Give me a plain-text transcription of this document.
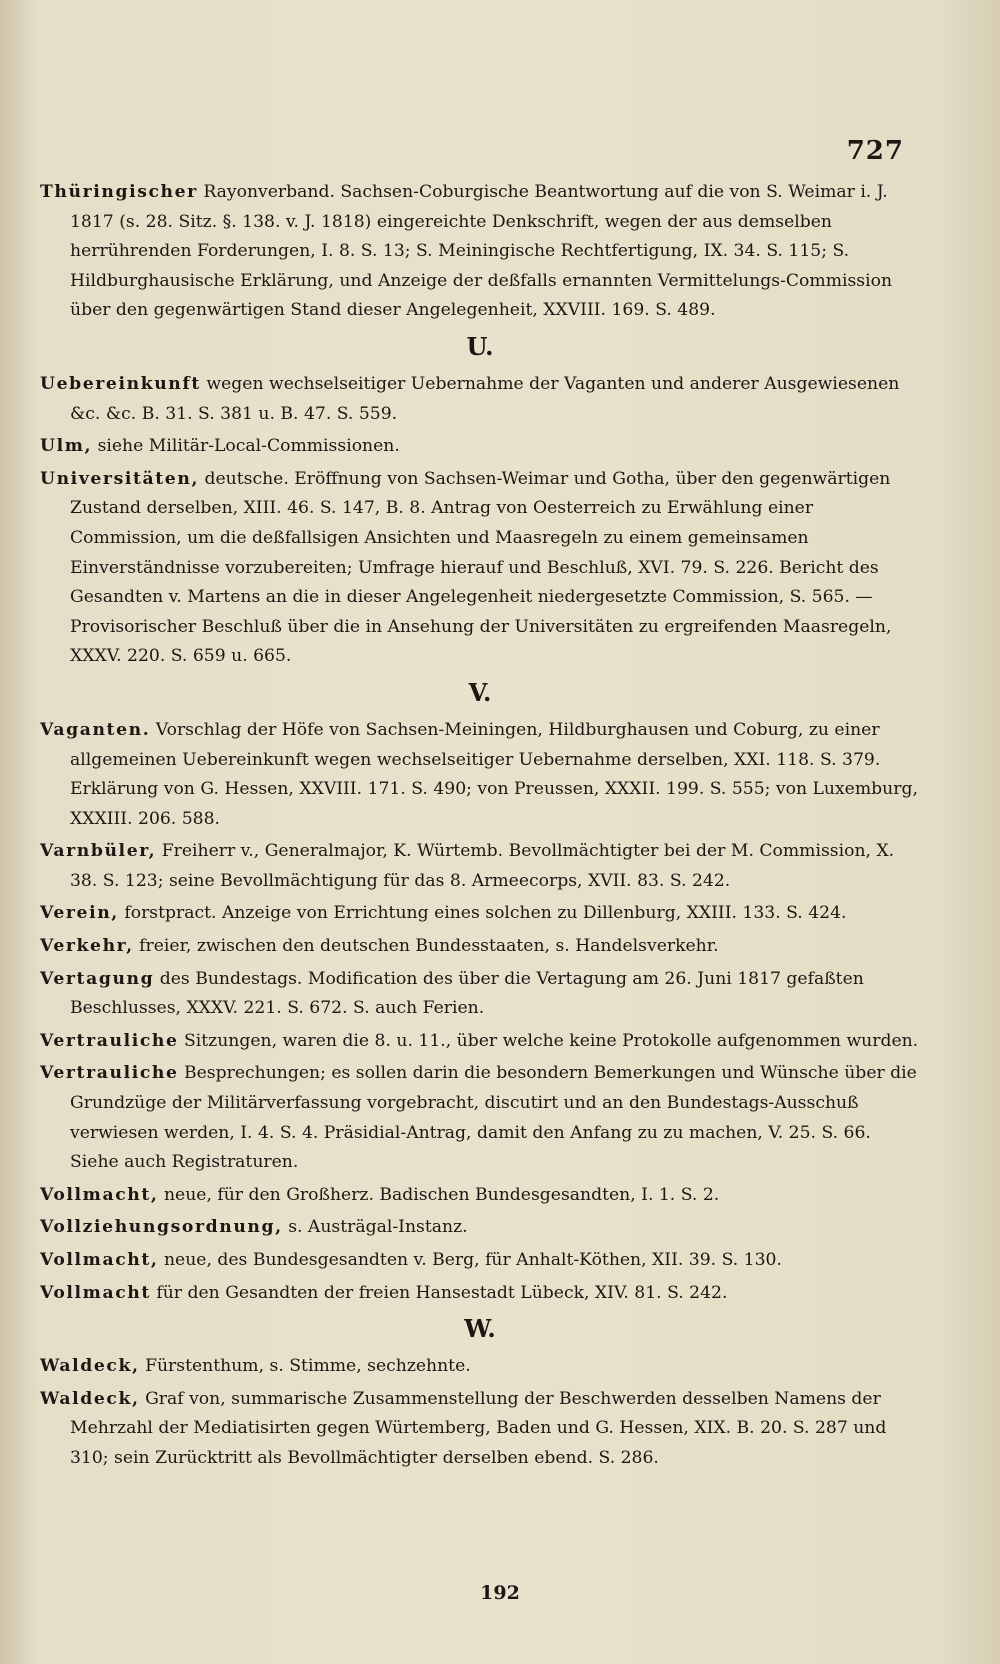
727

Thüringischer Rayonverband. Sachsen-Coburgische Beantwortung auf die von S. Weimar i. J. 1817 (s. 28. Sitz. §. 138. v. J. 1818) eingereichte Denkschrift, wegen der aus demselben herrührenden Forderungen, I. 8. S. 13; S. Meiningische Rechtfertigung, IX. 34. S. 115; S. Hildburghausische Erklärung, und Anzeige der deßfalls ernannten Vermittelungs-Commission über den gegenwärtigen Stand dieser Angelegenheit, XXVIII. 169. S. 489.

U.

Uebereinkunft wegen wechselseitiger Uebernahme der Vaganten und anderer Ausgewiesenen &c. &c. B. 31. S. 381 u. B. 47. S. 559.

Ulm, siehe Militär-Local-Commissionen.

Universitäten, deutsche. Eröffnung von Sachsen-Weimar und Gotha, über den gegenwärtigen Zustand derselben, XIII. 46. S. 147, B. 8. Antrag von Oesterreich zu Erwählung einer Commission, um die deßfallsigen Ansichten und Maasregeln zu einem gemeinsamen Einverständnisse vorzubereiten; Umfrage hierauf und Beschluß, XVI. 79. S. 226. Bericht des Gesandten v. Martens an die in dieser Angelegenheit niedergesetzte Commission, S. 565. — Provisorischer Beschluß über die in Ansehung der Universitäten zu ergreifenden Maasregeln, XXXV. 220. S. 659 u. 665.

V.

Vaganten. Vorschlag der Höfe von Sachsen-Meiningen, Hildburghausen und Coburg, zu einer allgemeinen Uebereinkunft wegen wechselseitiger Uebernahme derselben, XXI. 118. S. 379. Erklärung von G. Hessen, XXVIII. 171. S. 490; von Preussen, XXXII. 199. S. 555; von Luxemburg, XXXIII. 206. 588.

Varnbüler, Freiherr v., Generalmajor, K. Würtemb. Bevollmächtigter bei der M. Commission, X. 38. S. 123; seine Bevollmächtigung für das 8. Armeecorps, XVII. 83. S. 242.

Verein, forstpract. Anzeige von Errichtung eines solchen zu Dillenburg, XXIII. 133. S. 424.

Verkehr, freier, zwischen den deutschen Bundesstaaten, s. Handelsverkehr.

Vertagung des Bundestags. Modification des über die Vertagung am 26. Juni 1817 gefaßten Beschlusses, XXXV. 221. S. 672. S. auch Ferien.

Vertrauliche Sitzungen, waren die 8. u. 11., über welche keine Protokolle aufgenommen wurden.

Vertrauliche Besprechungen; es sollen darin die besondern Bemerkungen und Wünsche über die Grundzüge der Militärverfassung vorgebracht, discutirt und an den Bundestags-Ausschuß verwiesen werden, I. 4. S. 4. Präsidial-Antrag, damit den Anfang zu zu machen, V. 25. S. 66. Siehe auch Registraturen.

Vollmacht, neue, für den Großherz. Badischen Bundesgesandten, I. 1. S. 2.

Vollziehungsordnung, s. Austrägal-Instanz.

Vollmacht, neue, des Bundesgesandten v. Berg, für Anhalt-Köthen, XII. 39. S. 130.

Vollmacht für den Gesandten der freien Hansestadt Lübeck, XIV. 81. S. 242.

W.

Waldeck, Fürstenthum, s. Stimme, sechzehnte.

Waldeck, Graf von, summarische Zusammenstellung der Beschwerden desselben Namens der Mehrzahl der Mediatisirten gegen Würtemberg, Baden und G. Hessen, XIX. B. 20. S. 287 und 310; sein Zurücktritt als Bevollmächtigter derselben ebend. S. 286.

192
